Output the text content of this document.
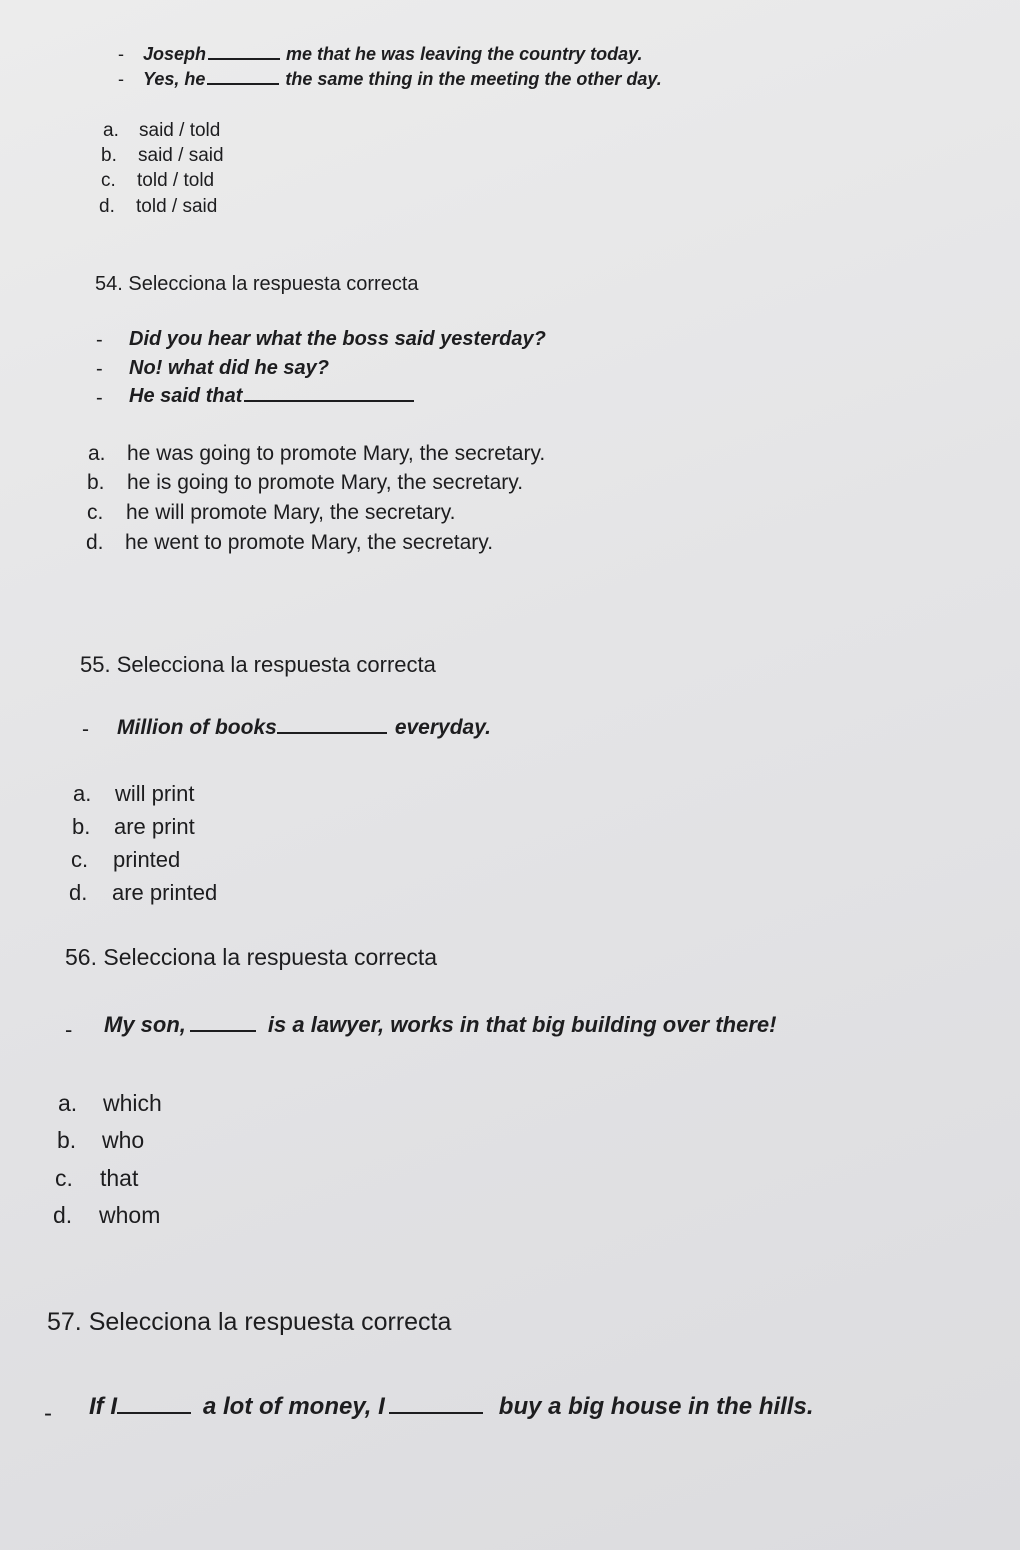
- Joseph	me that he was leaving the country today.
- Yes, he	the same thing in the meeting the other day.
a. said / told
b. said / said
c. told / told
d. told / said
54. Selecciona la respuesta correcta
- Did you hear what the boss said yesterday?
- No! what did he say?
- He said that
a. he was going to promote Mary, the secretary.
b. he is going to promote Mary, the secretary.
c. he will promote Mary, the secretary.
d. he went to promote Mary, the secretary.
55. Selecciona la respuesta correcta
- Million of books	everyday.
a. will print
b. are print
c. printed
d. are printed
56. Selecciona la respuesta correcta
- My son,	is a lawyer, works in that big building over there!
a. which
b. who
c. that
d. whom
57. Selecciona la respuesta correcta
- If I	a lot of money, I	buy a big house in the hills.
